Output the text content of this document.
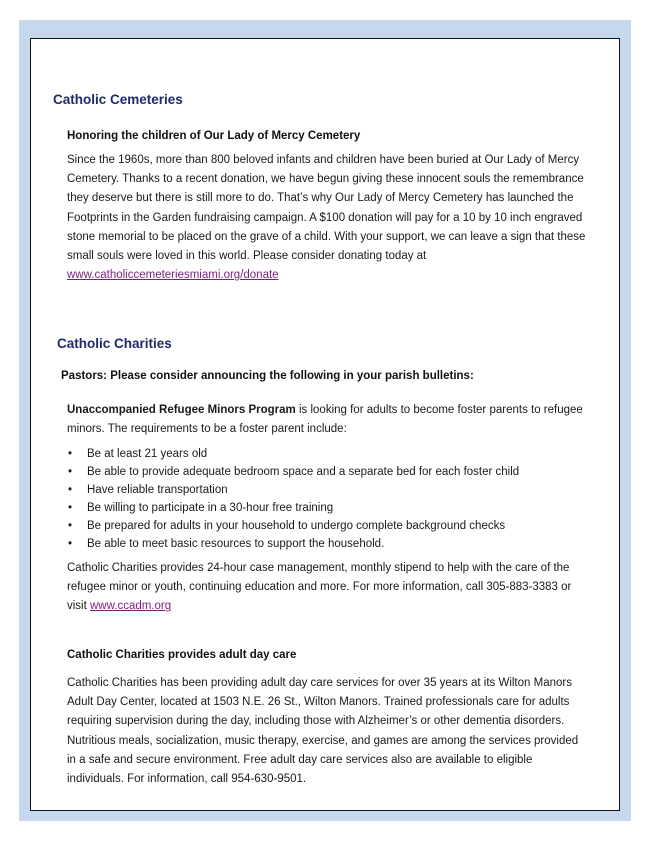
Catholic Cemeteries
Honoring the children of Our Lady of Mercy Cemetery
Since the 1960s, more than 800 beloved infants and children have been buried at Our Lady of Mercy Cemetery. Thanks to a recent donation, we have begun giving these innocent souls the remembrance they deserve but there is still more to do. That’s why Our Lady of Mercy Cemetery has launched the Footprints in the Garden fundraising campaign. A $100 donation will pay for a 10 by 10 inch engraved stone memorial to be placed on the grave of a child. With your support, we can leave a sign that these small souls were loved in this world. Please consider donating today at www.catholiccemeteriesmiami.org/donate
Catholic Charities
Pastors: Please consider announcing the following in your parish bulletins:
Unaccompanied Refugee Minors Program is looking for adults to become foster parents to refugee minors. The requirements to be a foster parent include:
• Be at least 21 years old
• Be able to provide adequate bedroom space and a separate bed for each foster child
• Have reliable transportation
• Be willing to participate in a 30-hour free training
• Be prepared for adults in your household to undergo complete background checks
• Be able to meet basic resources to support the household.
Catholic Charities provides 24-hour case management, monthly stipend to help with the care of the refugee minor or youth, continuing education and more. For more information, call 305-883-3383 or visit www.ccadm.org
Catholic Charities provides adult day care
Catholic Charities has been providing adult day care services for over 35 years at its Wilton Manors Adult Day Center, located at 1503 N.E. 26 St., Wilton Manors. Trained professionals care for adults requiring supervision during the day, including those with Alzheimer’s or other dementia disorders. Nutritious meals, socialization, music therapy, exercise, and games are among the services provided in a safe and secure environment. Free adult day care services also are available to eligible individuals. For information, call 954-630-9501.
